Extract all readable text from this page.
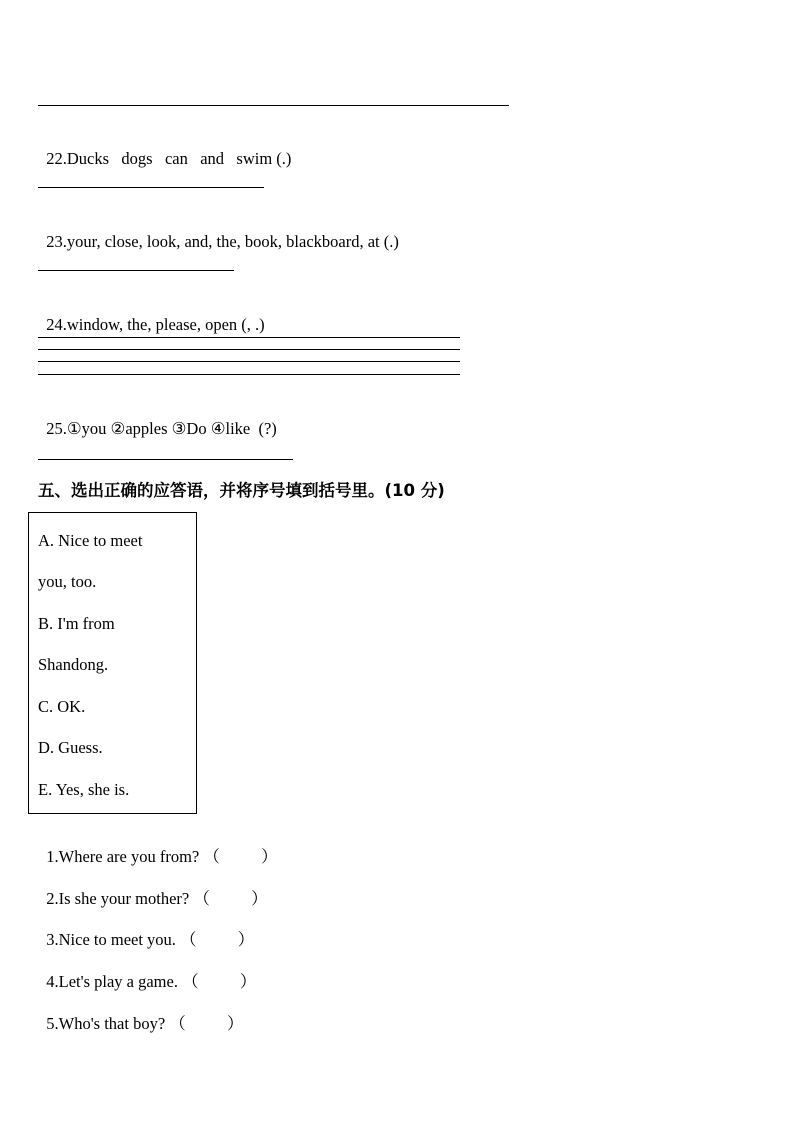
22.Ducks   dogs   can   and   swim (.)

23.your, close, look, and, the, book, blackboard, at (.)

24.window, the, please, open (, .)

25.①you ②apples ③Do ④like  (?)

五、选出正确的应答语，并将序号填到括号里。(10 分)
A. Nice to meet
you, too.
B. I'm from
Shandong.
C. OK.
D. Guess.
E. Yes, she is.

1.Where are you from? （          ）

2.Is she your mother? （          ）

3.Nice to meet you. （          ）

4.Let's play a game. （          ）

5.Who's that boy? （          ）
